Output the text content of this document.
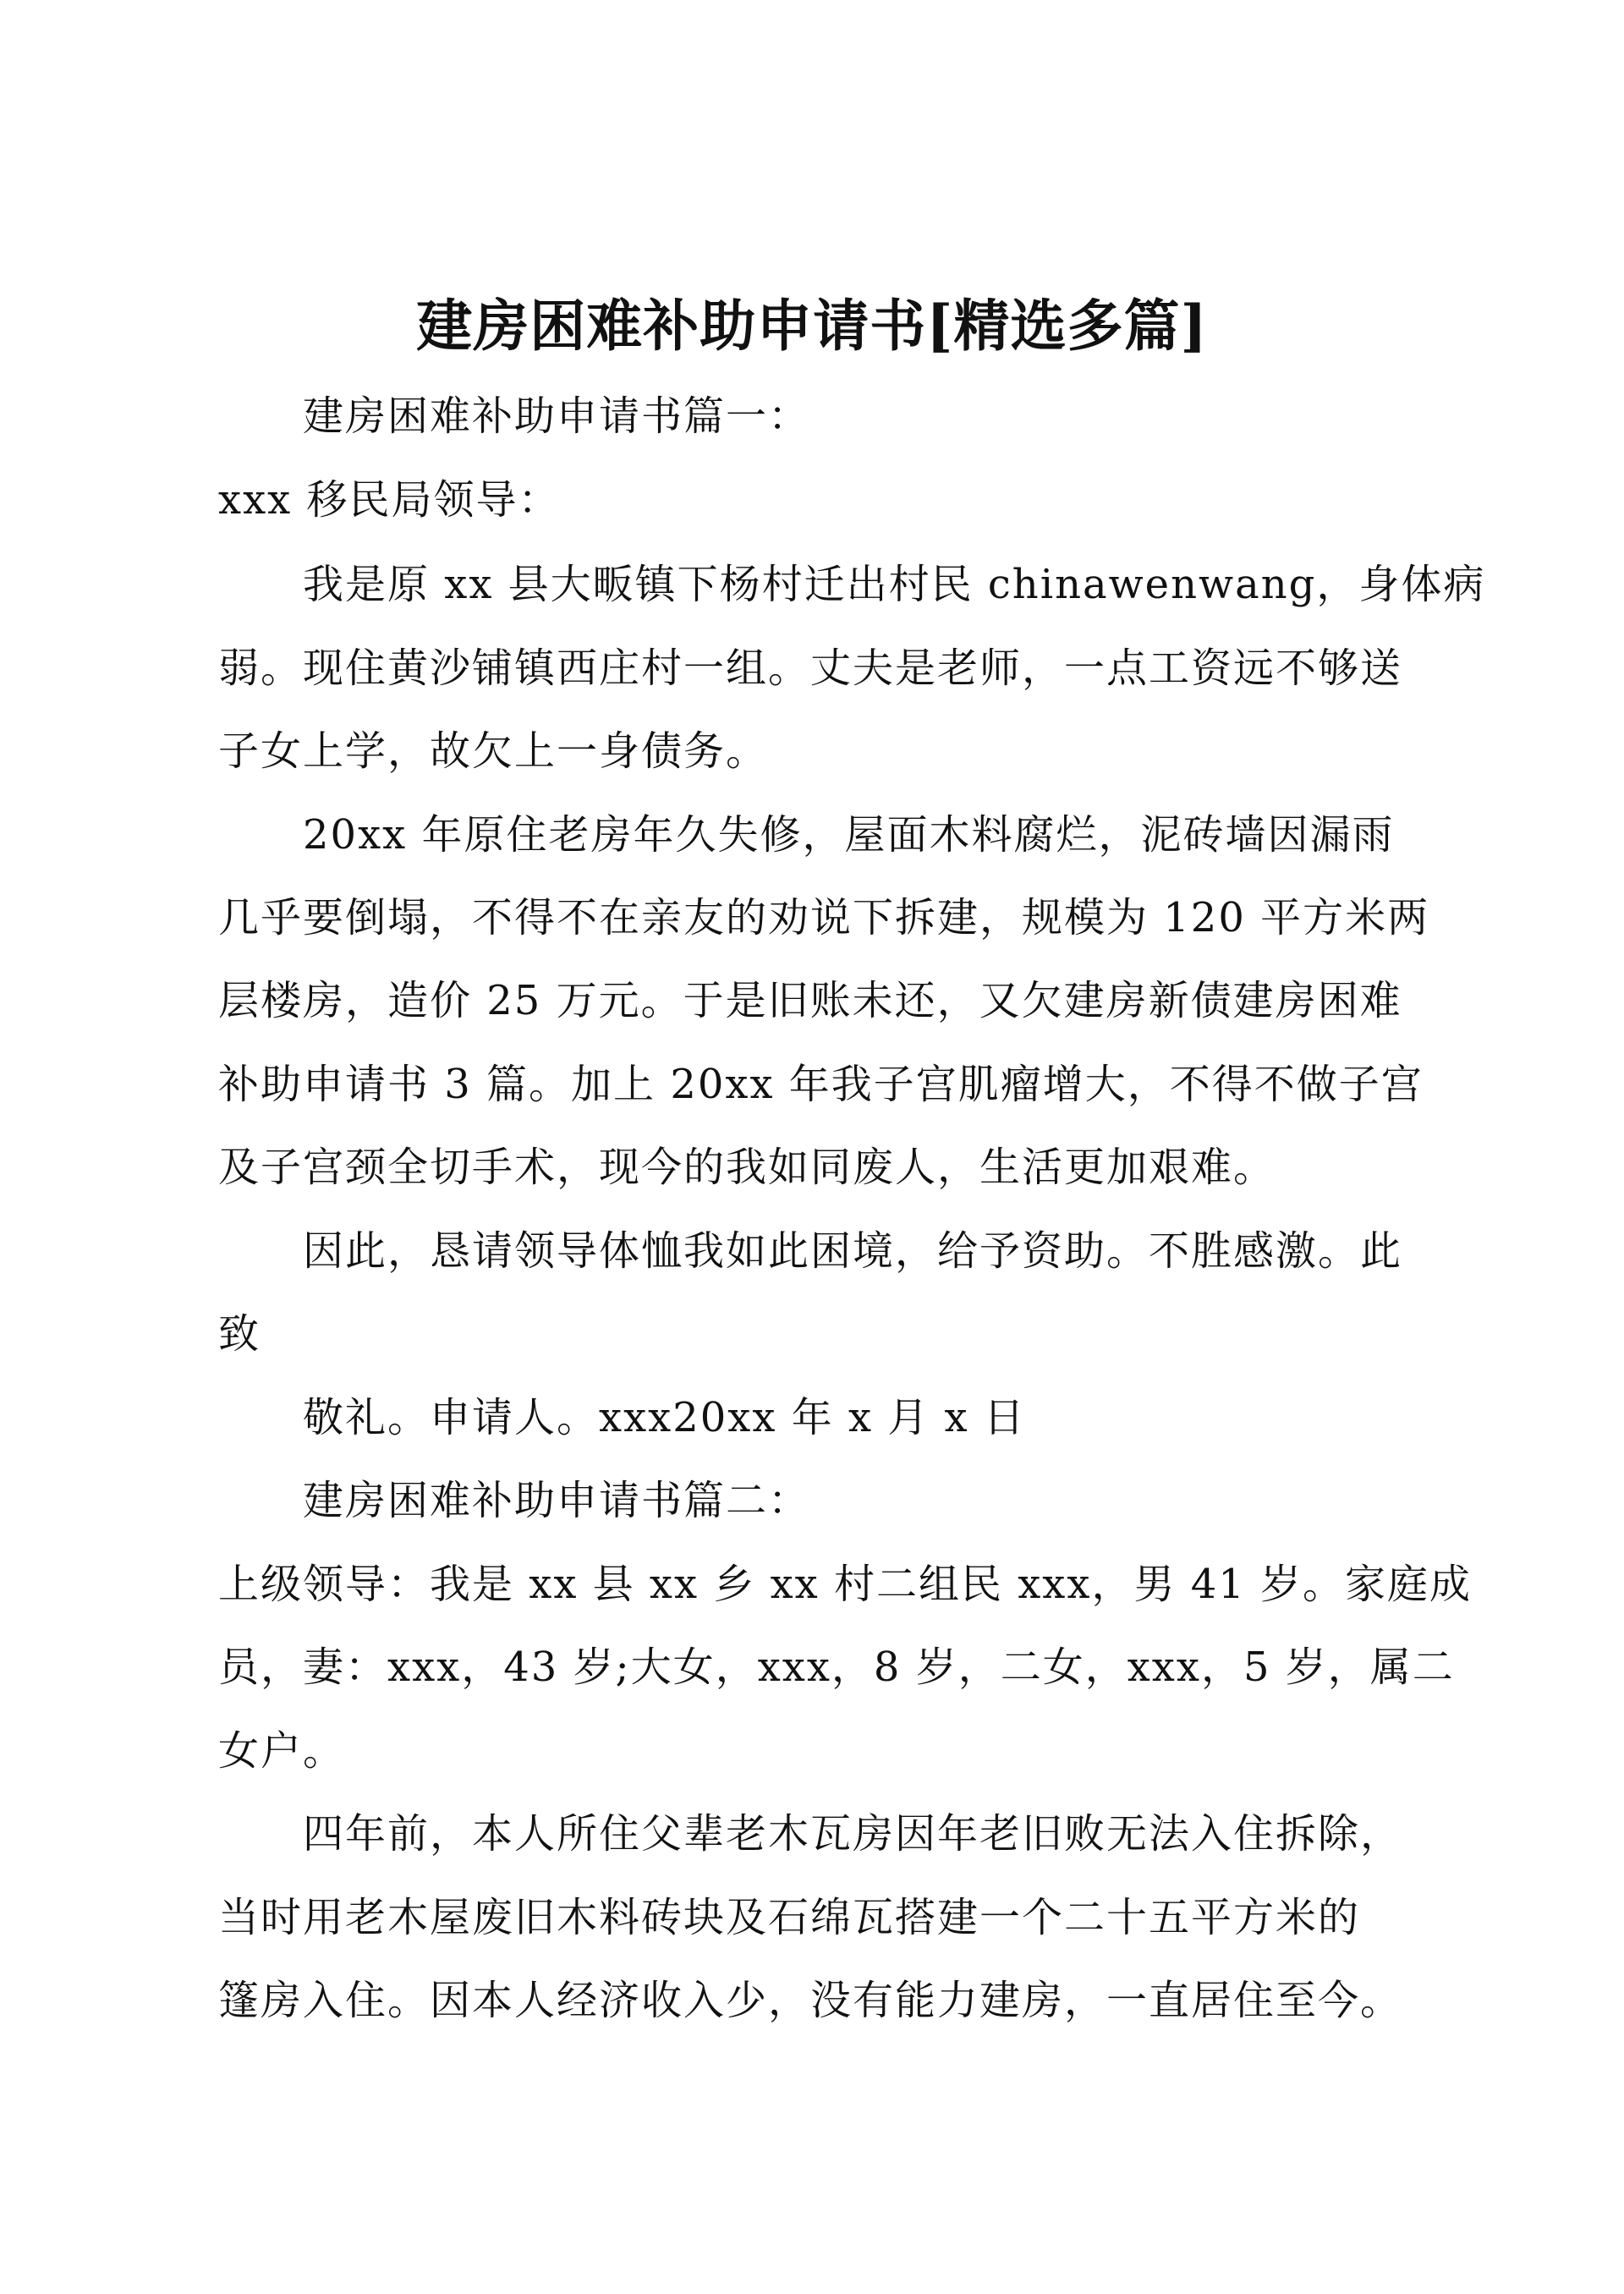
建房困难补助申请书[精选多篇]
建房困难补助申请书篇一：
xxx 移民局领导：
我是原 xx 县大畈镇下杨村迁出村民 chinawenwang，身体病
弱。现住黄沙铺镇西庄村一组。丈夫是老师，一点工资远不够送
子女上学，故欠上一身债务。
20xx 年原住老房年久失修，屋面木料腐烂，泥砖墙因漏雨
几乎要倒塌，不得不在亲友的劝说下拆建，规模为 120 平方米两
层楼房，造价 25 万元。于是旧账未还，又欠建房新债建房困难
补助申请书 3 篇。加上 20xx 年我子宫肌瘤增大，不得不做子宫
及子宫颈全切手术，现今的我如同废人，生活更加艰难。
因此，恳请领导体恤我如此困境，给予资助。不胜感激。此
致
敬礼。申请人。xxx20xx 年 x 月 x 日
建房困难补助申请书篇二：
上级领导：我是 xx 县 xx 乡 xx 村二组民 xxx，男 41 岁。家庭成
员，妻：xxx，43 岁;大女，xxx，8 岁，二女，xxx，5 岁，属二
女户。
四年前，本人所住父辈老木瓦房因年老旧败无法入住拆除，
当时用老木屋废旧木料砖块及石绵瓦搭建一个二十五平方米的
篷房入住。因本人经济收入少，没有能力建房，一直居住至今。
